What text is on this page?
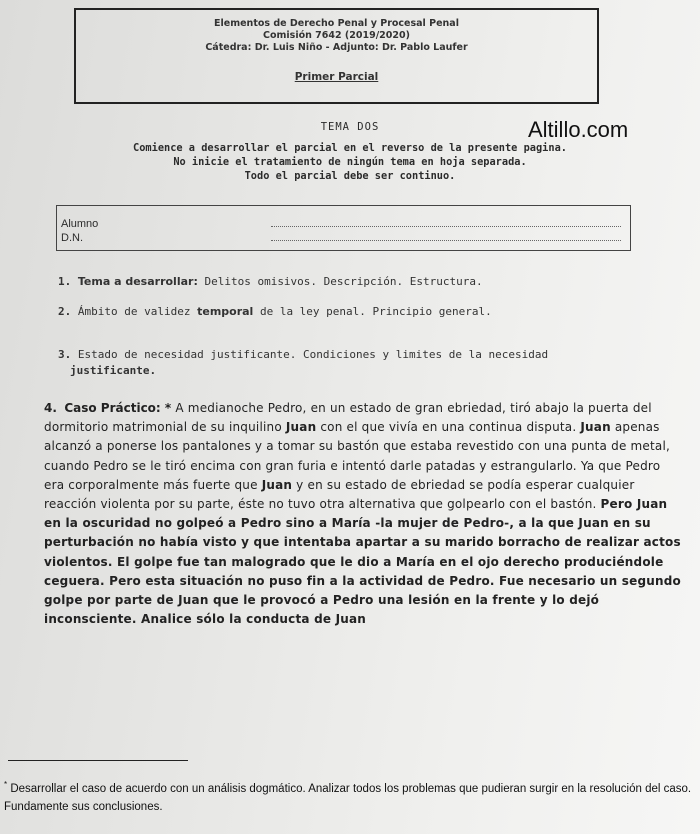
Elementos de Derecho Penal y Procesal Penal
Comisión 7642 (2019/2020)
Cátedra: Dr. Luis Niño - Adjunto: Dr. Pablo Laufer
Primer Parcial
Altillo.com
TEMA DOS
Comience a desarrollar el parcial en el reverso de la presente pagina.
No inicie el tratamiento de ningún tema en hoja separada.
Todo el parcial debe ser continuo.
Alumno
D.N.
1. Tema a desarrollar: Delitos omisivos. Descripción. Estructura.
2. Ámbito de validez temporal de la ley penal. Principio general.
3. Estado de necesidad justificante. Condiciones y limites de la necesidad
justificante.
4. Caso Práctico: * A medianoche Pedro, en un estado de gran ebriedad, tiró abajo la puerta del dormitorio matrimonial de su inquilino Juan con el que vivía en una continua disputa. Juan apenas alcanzó a ponerse los pantalones y a tomar su bastón que estaba revestido con una punta de metal, cuando Pedro se le tiró encima con gran furia e intentó darle patadas y estrangularlo. Ya que Pedro era corporalmente más fuerte que Juan y en su estado de ebriedad se podía esperar cualquier reacción violenta por su parte, éste no tuvo otra alternativa que golpearlo con el bastón. Pero Juan en la oscuridad no golpeó a Pedro sino a María -la mujer de Pedro-, a la que Juan en su perturbación no había visto y que intentaba apartar a su marido borracho de realizar actos violentos. El golpe fue tan malogrado que le dio a María en el ojo derecho produciéndole ceguera. Pero esta situación no puso fin a la actividad de Pedro. Fue necesario un segundo golpe por parte de Juan que le provocó a Pedro una lesión en la frente y lo dejó inconsciente. Analice sólo la conducta de Juan
* Desarrollar el caso de acuerdo con un análisis dogmático. Analizar todos los problemas que pudieran surgir en la resolución del caso. Fundamente sus conclusiones.
